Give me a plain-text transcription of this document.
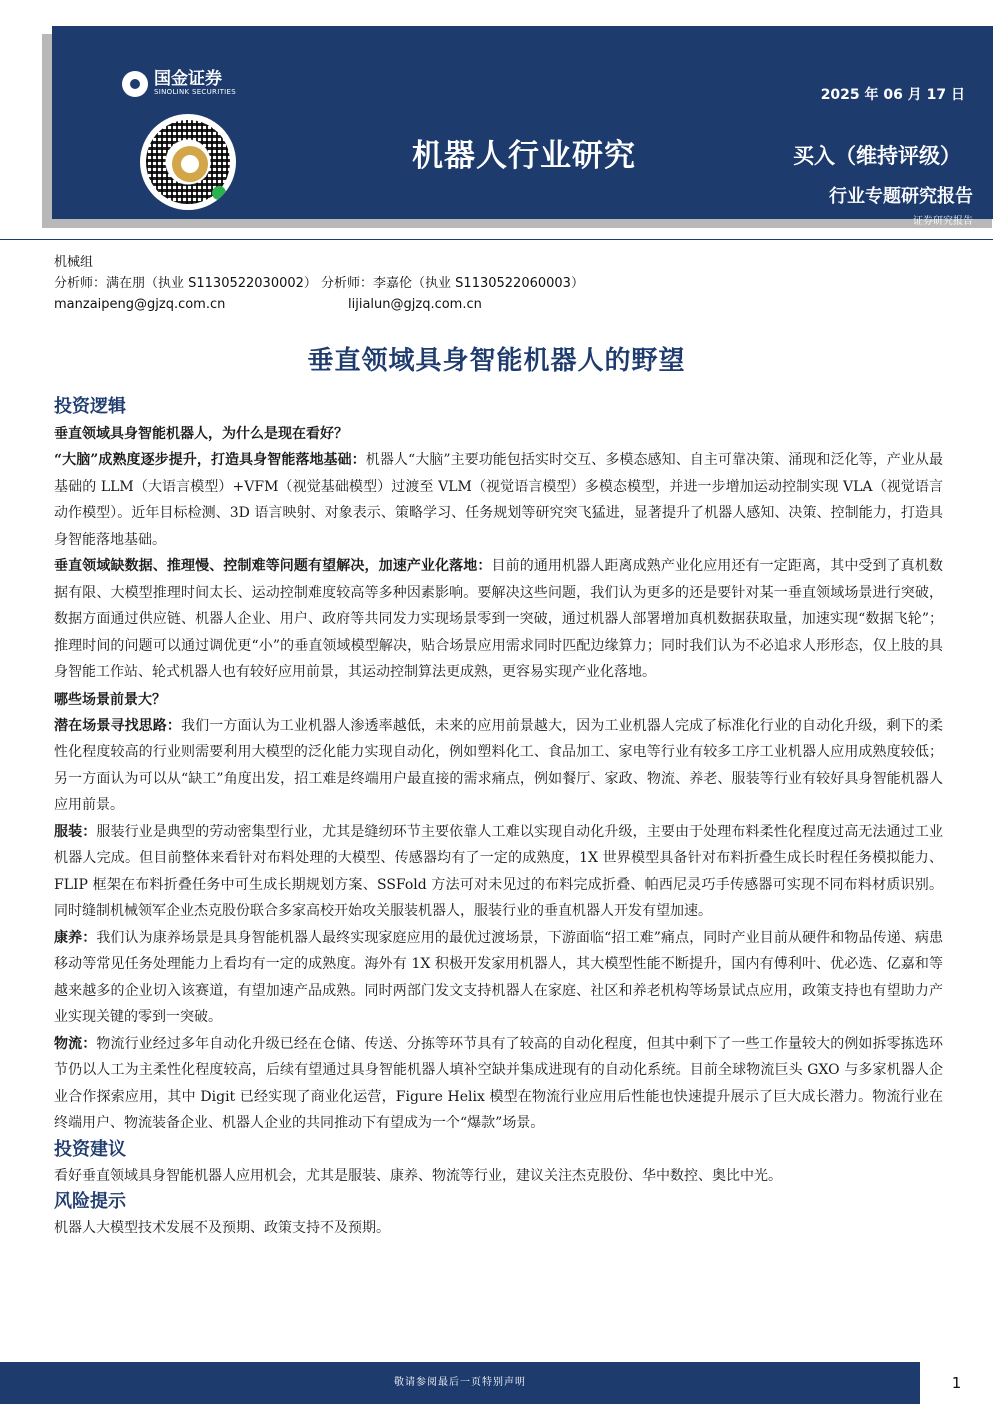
国金证券
SINOLINK SECURITIES	2025 年 06 月 17 日
机器人行业研究	买入（维持评级）
行业专题研究报告
证券研究报告
机械组
分析师：满在朋（执业 S1130522030002） 分析师：李嘉伦（执业 S1130522060003）
manzaipeng@gjzq.com.cn	lijialun@gjzq.com.cn
垂直领域具身智能机器人的野望
投资逻辑
垂直领域具身智能机器人，为什么是现在看好？
“大脑”成熟度逐步提升，打造具身智能落地基础：机器人“大脑”主要功能包括实时交互、多模态感知、自主可靠决策、涌现和泛化等，产业从最基础的 LLM（大语言模型）+VFM（视觉基础模型）过渡至 VLM（视觉语言模型）多模态模型，并进一步增加运动控制实现 VLA（视觉语言动作模型）。近年目标检测、3D 语言映射、对象表示、策略学习、任务规划等研究突飞猛进，显著提升了机器人感知、决策、控制能力，打造具身智能落地基础。
垂直领域缺数据、推理慢、控制难等问题有望解决，加速产业化落地：目前的通用机器人距离成熟产业化应用还有一定距离，其中受到了真机数据有限、大模型推理时间太长、运动控制难度较高等多种因素影响。要解决这些问题，我们认为更多的还是要针对某一垂直领域场景进行突破，数据方面通过供应链、机器人企业、用户、政府等共同发力实现场景零到一突破，通过机器人部署增加真机数据获取量，加速实现“数据飞轮”；推理时间的问题可以通过调优更“小”的垂直领域模型解决，贴合场景应用需求同时匹配边缘算力；同时我们认为不必追求人形形态，仅上肢的具身智能工作站、轮式机器人也有较好应用前景，其运动控制算法更成熟，更容易实现产业化落地。
哪些场景前景大？
潜在场景寻找思路：我们一方面认为工业机器人渗透率越低，未来的应用前景越大，因为工业机器人完成了标准化行业的自动化升级，剩下的柔性化程度较高的行业则需要利用大模型的泛化能力实现自动化，例如塑料化工、食品加工、家电等行业有较多工序工业机器人应用成熟度较低；另一方面认为可以从“缺工”角度出发，招工难是终端用户最直接的需求痛点，例如餐厅、家政、物流、养老、服装等行业有较好具身智能机器人应用前景。
服装：服装行业是典型的劳动密集型行业，尤其是缝纫环节主要依靠人工难以实现自动化升级，主要由于处理布料柔性化程度过高无法通过工业机器人完成。但目前整体来看针对布料处理的大模型、传感器均有了一定的成熟度，1X 世界模型具备针对布料折叠生成长时程任务模拟能力、FLIP 框架在布料折叠任务中可生成长期规划方案、SSFold 方法可对未见过的布料完成折叠、帕西尼灵巧手传感器可实现不同布料材质识别。同时缝制机械领军企业杰克股份联合多家高校开始攻关服装机器人，服装行业的垂直机器人开发有望加速。
康养：我们认为康养场景是具身智能机器人最终实现家庭应用的最优过渡场景，下游面临“招工难”痛点，同时产业目前从硬件和物品传递、病患移动等常见任务处理能力上看均有一定的成熟度。海外有 1X 积极开发家用机器人，其大模型性能不断提升，国内有傅利叶、优必选、亿嘉和等越来越多的企业切入该赛道，有望加速产品成熟。同时两部门发文支持机器人在家庭、社区和养老机构等场景试点应用，政策支持也有望助力产业实现关键的零到一突破。
物流：物流行业经过多年自动化升级已经在仓储、传送、分拣等环节具有了较高的自动化程度，但其中剩下了一些工作量较大的例如拆零拣选环节仍以人工为主柔性化程度较高，后续有望通过具身智能机器人填补空缺并集成进现有的自动化系统。目前全球物流巨头 GXO 与多家机器人企业合作探索应用，其中 Digit 已经实现了商业化运营，Figure Helix 模型在物流行业应用后性能也快速提升展示了巨大成长潜力。物流行业在终端用户、物流装备企业、机器人企业的共同推动下有望成为一个“爆款”场景。
投资建议
看好垂直领域具身智能机器人应用机会，尤其是服装、康养、物流等行业，建议关注杰克股份、华中数控、奥比中光。
风险提示
机器人大模型技术发展不及预期、政策支持不及预期。
敬请参阅最后一页特别声明	1
